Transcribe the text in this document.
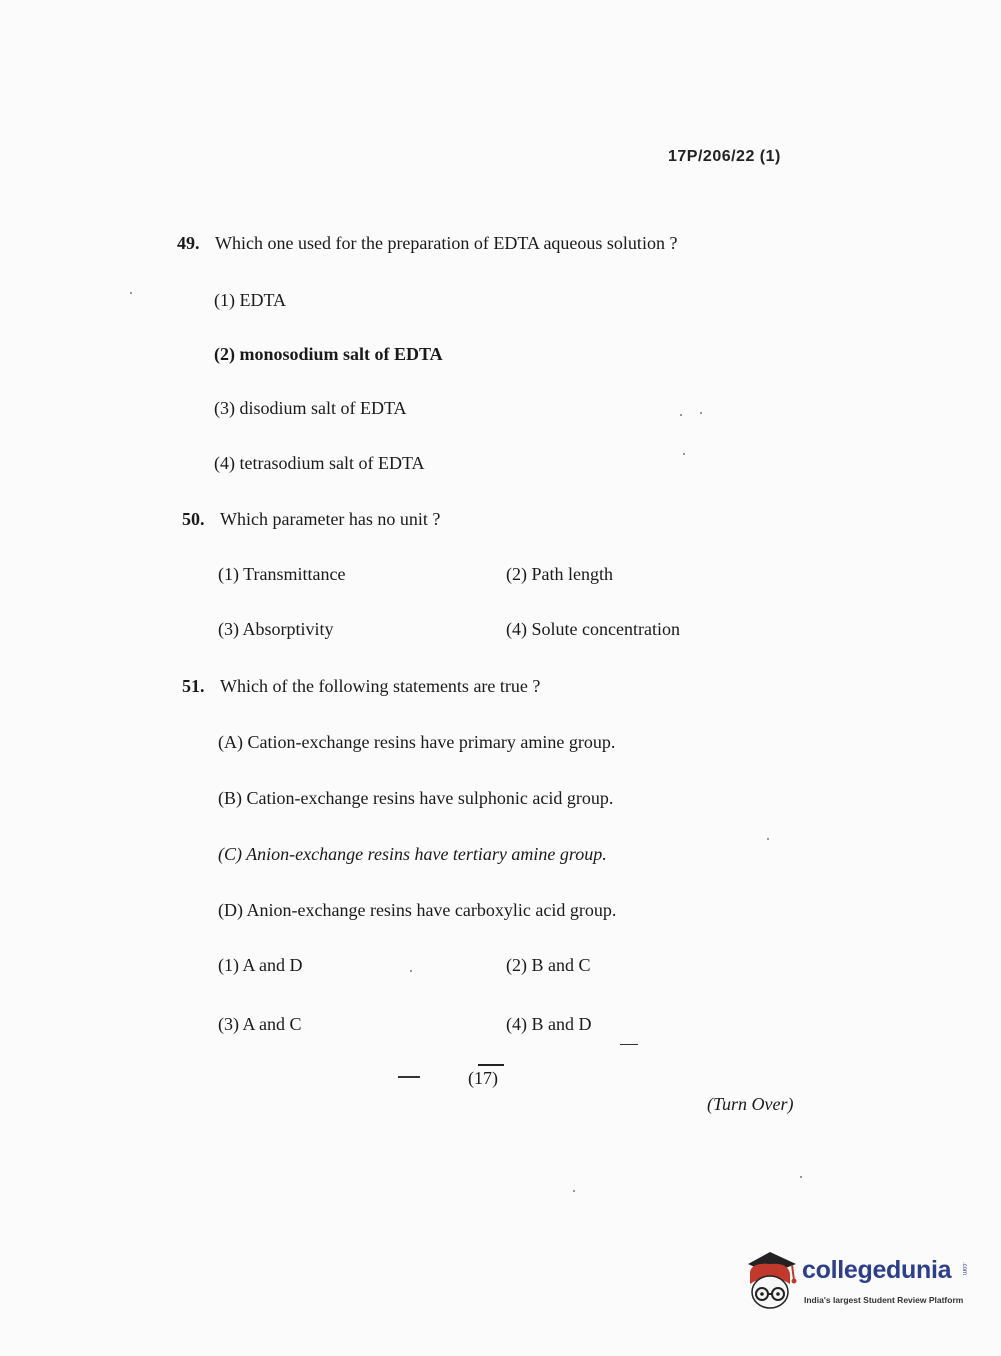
17P/206/22 (1)
49. Which one used for the preparation of EDTA aqueous solution ?
(1) EDTA
(2) monosodium salt of EDTA
(3) disodium salt of EDTA
(4) tetrasodium salt of EDTA
50. Which parameter has no unit ?
(1) Transmittance	(2) Path length
(3) Absorptivity	(4) Solute concentration
51. Which of the following statements are true ?
(A) Cation-exchange resins have primary amine group.
(B) Cation-exchange resins have sulphonic acid group.
(C) Anion-exchange resins have tertiary amine group.
(D) Anion-exchange resins have carboxylic acid group.
(1) A and D	(2) B and C
(3) A and C	(4) B and D
(17)
(Turn Over)
collegedunia .com
India's largest Student Review Platform
